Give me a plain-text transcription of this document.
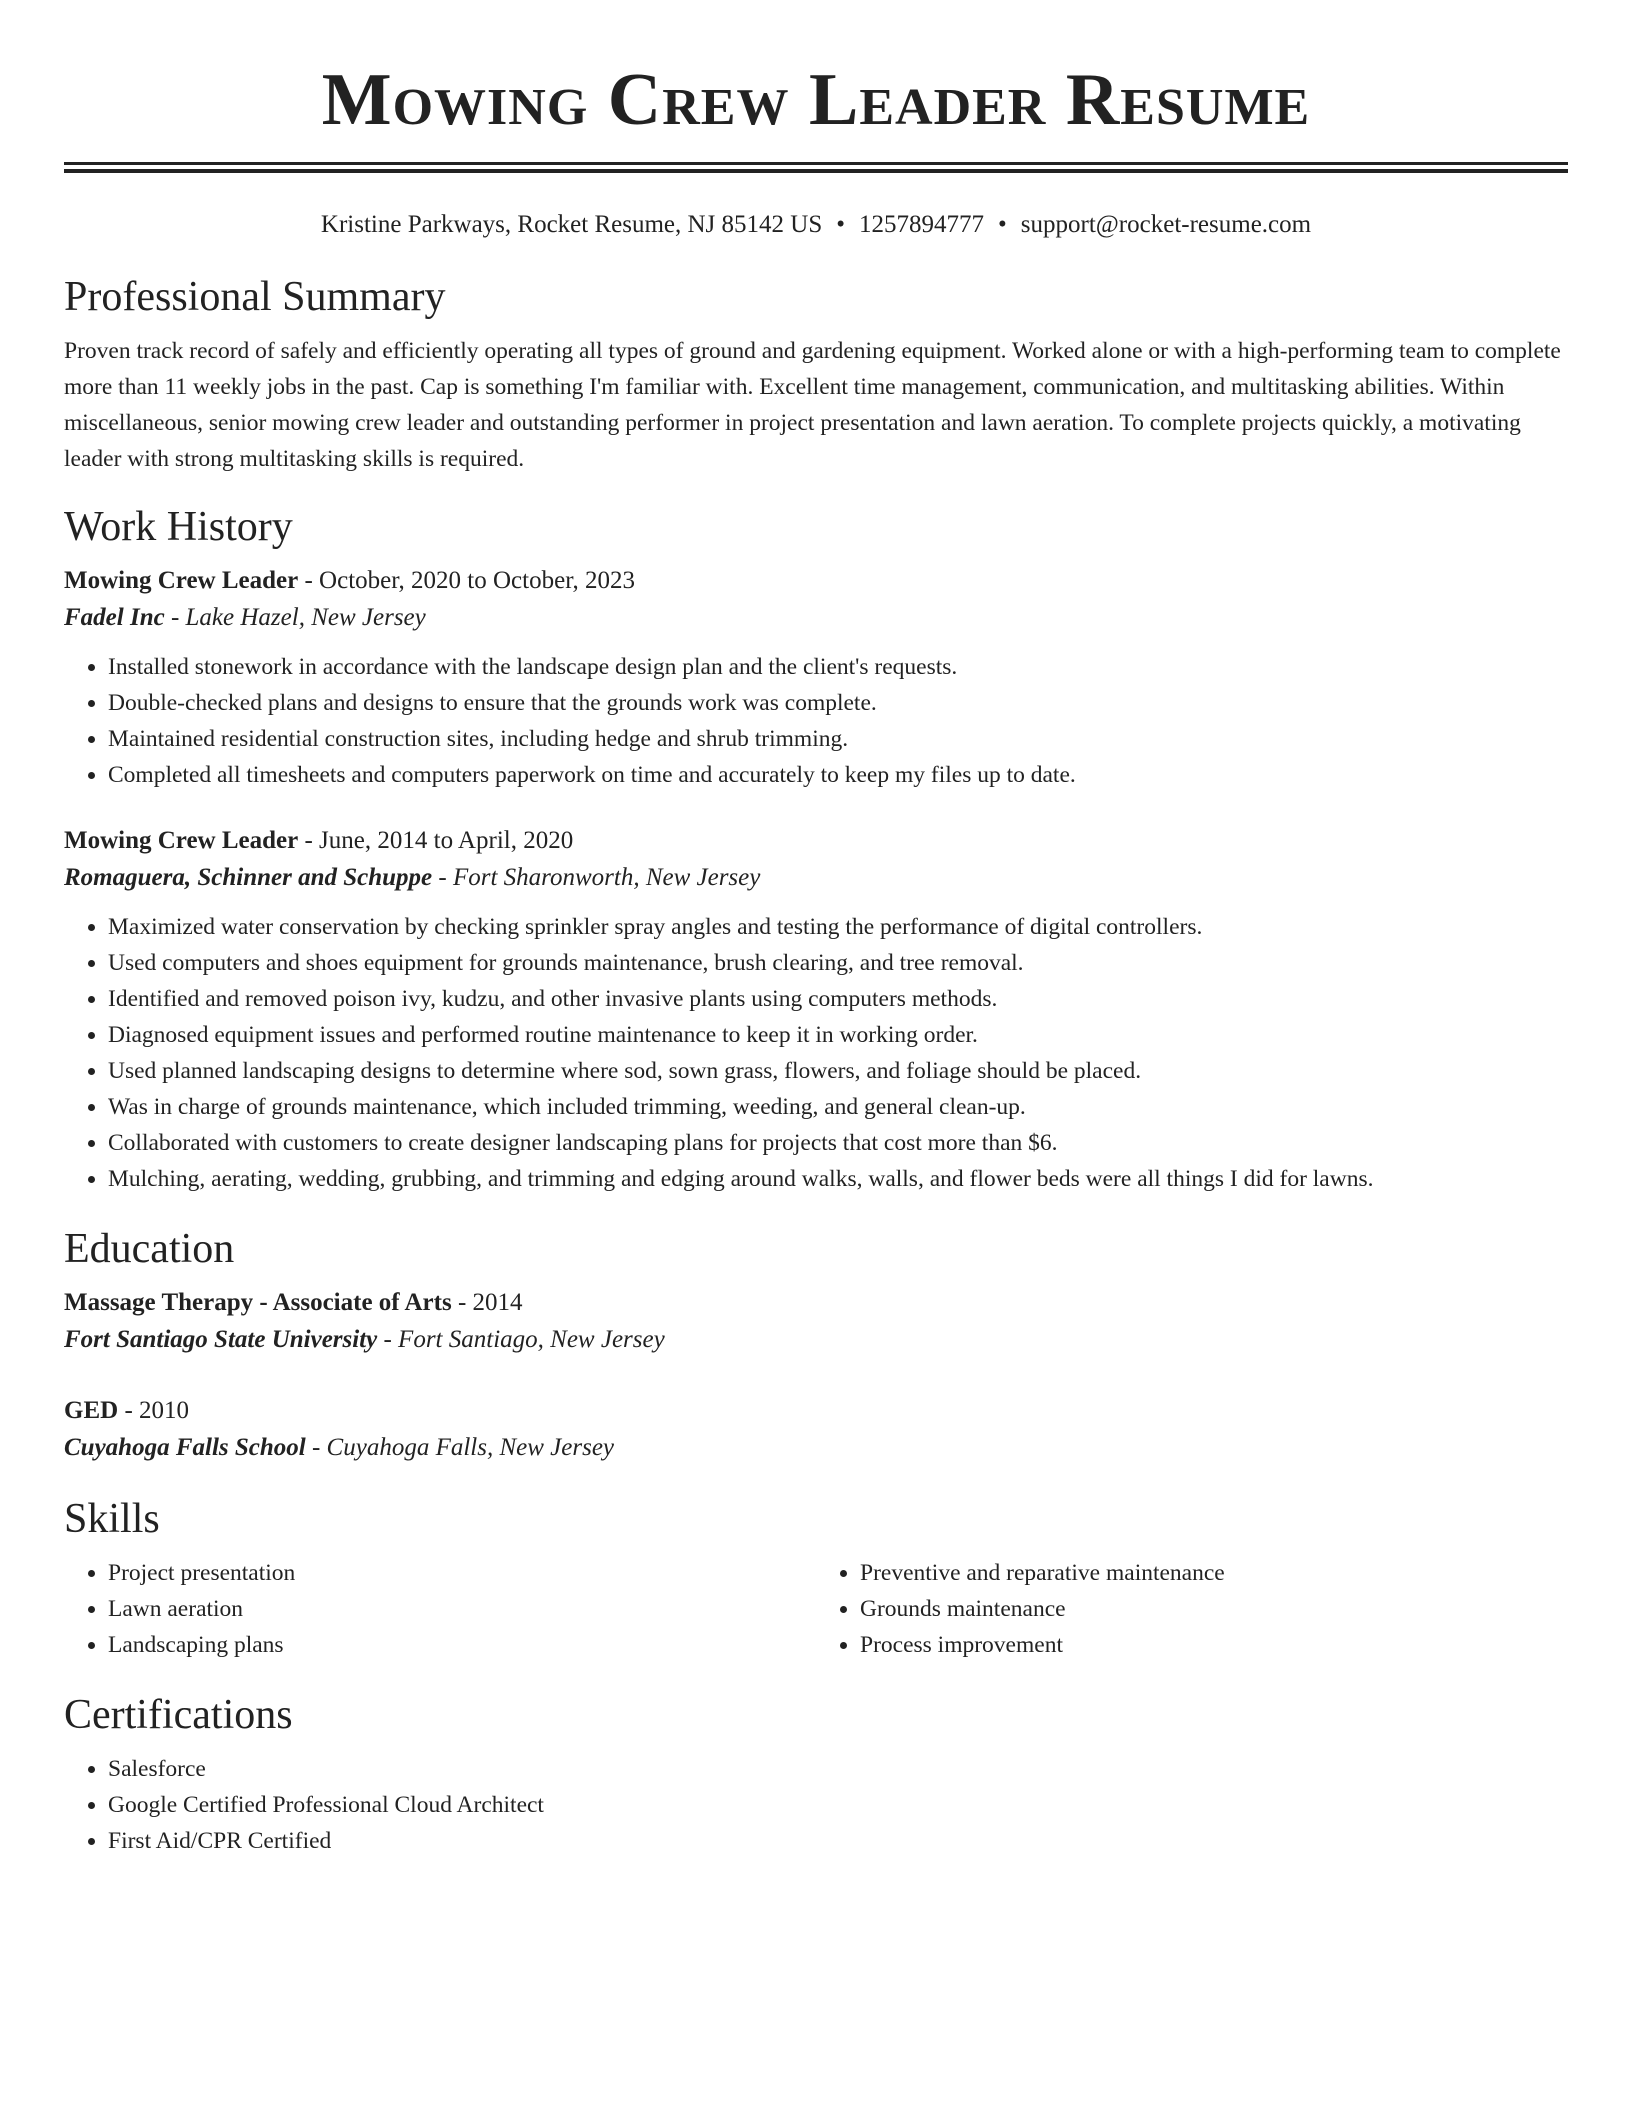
Mowing Crew Leader Resume
Kristine Parkways, Rocket Resume, NJ 85142 US • 1257894777 • support@rocket-resume.com
Professional Summary

Proven track record of safely and efficiently operating all types of ground and gardening equipment. Worked alone or with a high-performing team to complete more than 11 weekly jobs in the past. Cap is something I'm familiar with. Excellent time management, communication, and multitasking abilities. Within miscellaneous, senior mowing crew leader and outstanding performer in project presentation and lawn aeration. To complete projects quickly, a motivating leader with strong multitasking skills is required.

Work History
Mowing Crew Leader - October, 2020 to October, 2023
Fadel Inc - Lake Hazel, New Jersey
• Installed stonework in accordance with the landscape design plan and the client's requests.
• Double-checked plans and designs to ensure that the grounds work was complete.
• Maintained residential construction sites, including hedge and shrub trimming.
• Completed all timesheets and computers paperwork on time and accurately to keep my files up to date.
Mowing Crew Leader - June, 2014 to April, 2020
Romaguera, Schinner and Schuppe - Fort Sharonworth, New Jersey
• Maximized water conservation by checking sprinkler spray angles and testing the performance of digital controllers.
• Used computers and shoes equipment for grounds maintenance, brush clearing, and tree removal.
• Identified and removed poison ivy, kudzu, and other invasive plants using computers methods.
• Diagnosed equipment issues and performed routine maintenance to keep it in working order.
• Used planned landscaping designs to determine where sod, sown grass, flowers, and foliage should be placed.
• Was in charge of grounds maintenance, which included trimming, weeding, and general clean-up.
• Collaborated with customers to create designer landscaping plans for projects that cost more than $6.
• Mulching, aerating, wedding, grubbing, and trimming and edging around walks, walls, and flower beds were all things I did for lawns.
Education
Massage Therapy - Associate of Arts - 2014
Fort Santiago State University - Fort Santiago, New Jersey
GED - 2010
Cuyahoga Falls School - Cuyahoga Falls, New Jersey
Skills
• Project presentation
• Lawn aeration
• Landscaping plans
• Preventive and reparative maintenance
• Grounds maintenance
• Process improvement
Certifications
• Salesforce
• Google Certified Professional Cloud Architect
• First Aid/CPR Certified
